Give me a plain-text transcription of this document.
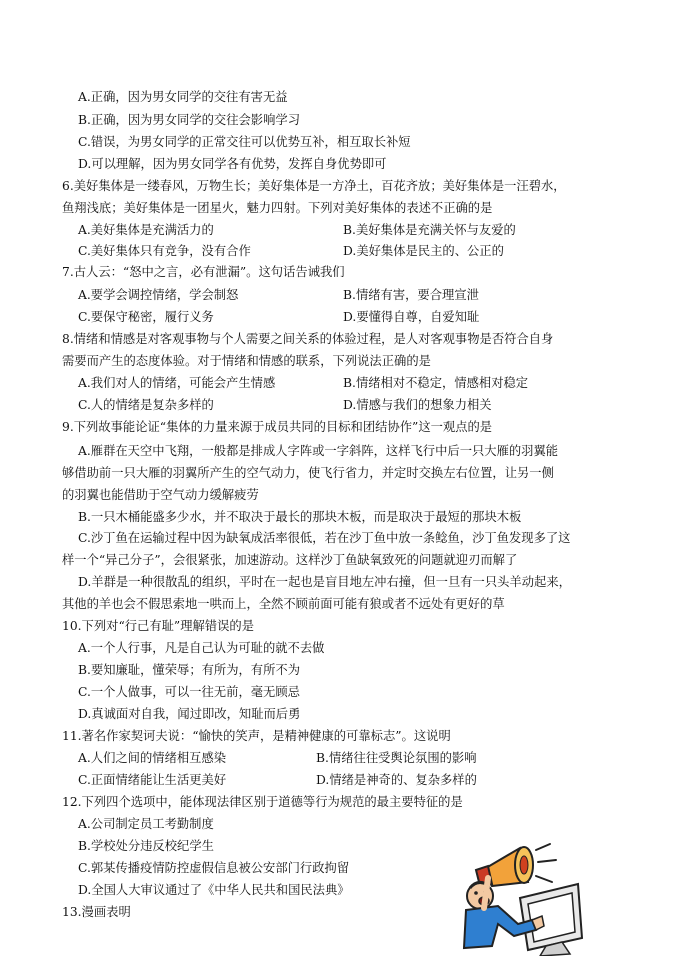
A.正确，因为男女同学的交往有害无益
B.正确，因为男女同学的交往会影响学习
C.错误，为男女同学的正常交往可以优势互补，相互取长补短
D.可以理解，因为男女同学各有优势，发挥自身优势即可
6.美好集体是一缕春风，万物生长；美好集体是一方净土，百花齐放；美好集体是一汪碧水，
鱼翔浅底；美好集体是一团星火，魅力四射。下列对美好集体的表述不正确的是
A.美好集体是充满活力的	B.美好集体是充满关怀与友爱的
C.美好集体只有竞争，没有合作	D.美好集体是民主的、公正的
7.古人云：“怒中之言，必有泄漏”。这句话告诫我们
A.要学会调控情绪，学会制怒	B.情绪有害，要合理宣泄
C.要保守秘密，履行义务	D.要懂得自尊，自爱知耻
8.情绪和情感是对客观事物与个人需要之间关系的体验过程，是人对客观事物是否符合自身
需要而产生的态度体验。对于情绪和情感的联系，下列说法正确的是
A.我们对人的情绪，可能会产生情感	B.情绪相对不稳定，情感相对稳定
C.人的情绪是复杂多样的	D.情感与我们的想象力相关
9.下列故事能论证“集体的力量来源于成员共同的目标和团结协作”这一观点的是
A.雁群在天空中飞翔，一般都是排成人字阵或一字斜阵，这样飞行中后一只大雁的羽翼能
够借助前一只大雁的羽翼所产生的空气动力，使飞行省力，并定时交换左右位置，让另一侧
的羽翼也能借助于空气动力缓解疲劳
B.一只木桶能盛多少水，并不取决于最长的那块木板，而是取决于最短的那块木板
C.沙丁鱼在运输过程中因为缺氧成活率很低，若在沙丁鱼中放一条鲶鱼，沙丁鱼发现多了这
样一个“异己分子”，会很紧张，加速游动。这样沙丁鱼缺氧致死的问题就迎刃而解了
D.羊群是一种很散乱的组织，平时在一起也是盲目地左冲右撞，但一旦有一只头羊动起来，
其他的羊也会不假思索地一哄而上，全然不顾前面可能有狼或者不远处有更好的草
10.下列对“行己有耻”理解错误的是
A.一个人行事，凡是自己认为可耻的就不去做
B.要知廉耻，懂荣辱；有所为，有所不为
C.一个人做事，可以一往无前，毫无顾忌
D.真诚面对自我，闻过即改，知耻而后勇
11.著名作家契诃夫说：“愉快的笑声，是精神健康的可靠标志”。这说明
A.人们之间的情绪相互感染	B.情绪往往受舆论氛围的影响
C.正面情绪能让生活更美好	D.情绪是神奇的、复杂多样的
12.下列四个选项中，能体现法律区别于道德等行为规范的最主要特征的是
A.公司制定员工考勤制度
B.学校处分违反校纪学生
C.郭某传播疫情防控虚假信息被公安部门行政拘留
D.全国人大审议通过了《中华人民共和国民法典》
13.漫画表明
